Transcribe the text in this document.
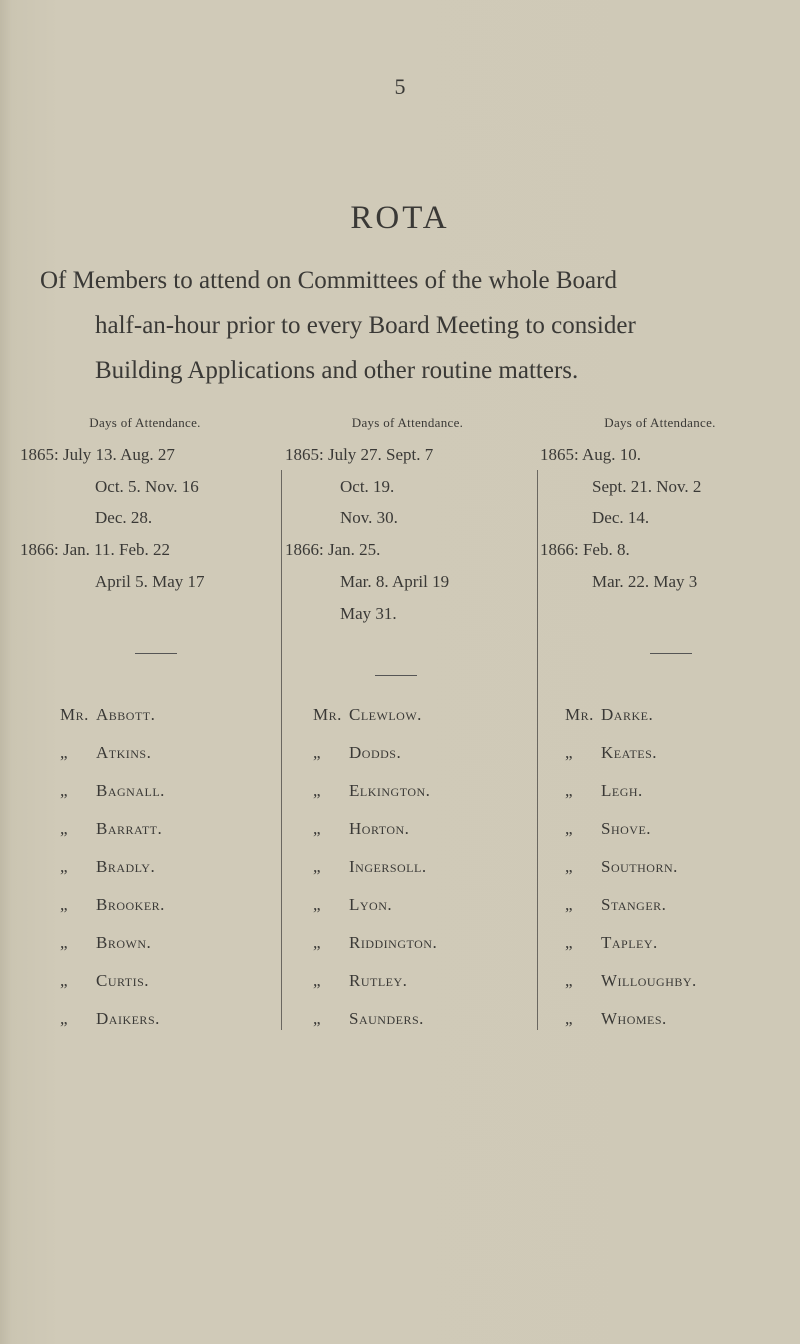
5
ROTA
Of Members to attend on Committees of the whole Board
half-an-hour prior to every Board Meeting to consider
Building Applications and other routine matters.
Days of Attendance.
1865: July 13. Aug. 27
Oct. 5. Nov. 16
Dec. 28.
1866: Jan. 11. Feb. 22
April 5. May 17
Mr. Abbott.
„ Atkins.
„ Bagnall.
„ Barratt.
„ Bradly.
„ Brooker.
„ Brown.
„ Curtis.
„ Daikers.
Days of Attendance.
1865: July 27. Sept. 7
Oct. 19.
Nov. 30.
1866: Jan. 25.
Mar. 8. April 19
May 31.
Mr. Clewlow.
„ Dodds.
„ Elkington.
„ Horton.
„ Ingersoll.
„ Lyon.
„ Riddington.
„ Rutley.
„ Saunders.
Days of Attendance.
1865: Aug. 10.
Sept. 21. Nov. 2
Dec. 14.
1866: Feb. 8.
Mar. 22. May 3
Mr. Darke.
„ Keates.
„ Legh.
„ Shove.
„ Southorn.
„ Stanger.
„ Tapley.
„ Willoughby.
„ Whomes.
